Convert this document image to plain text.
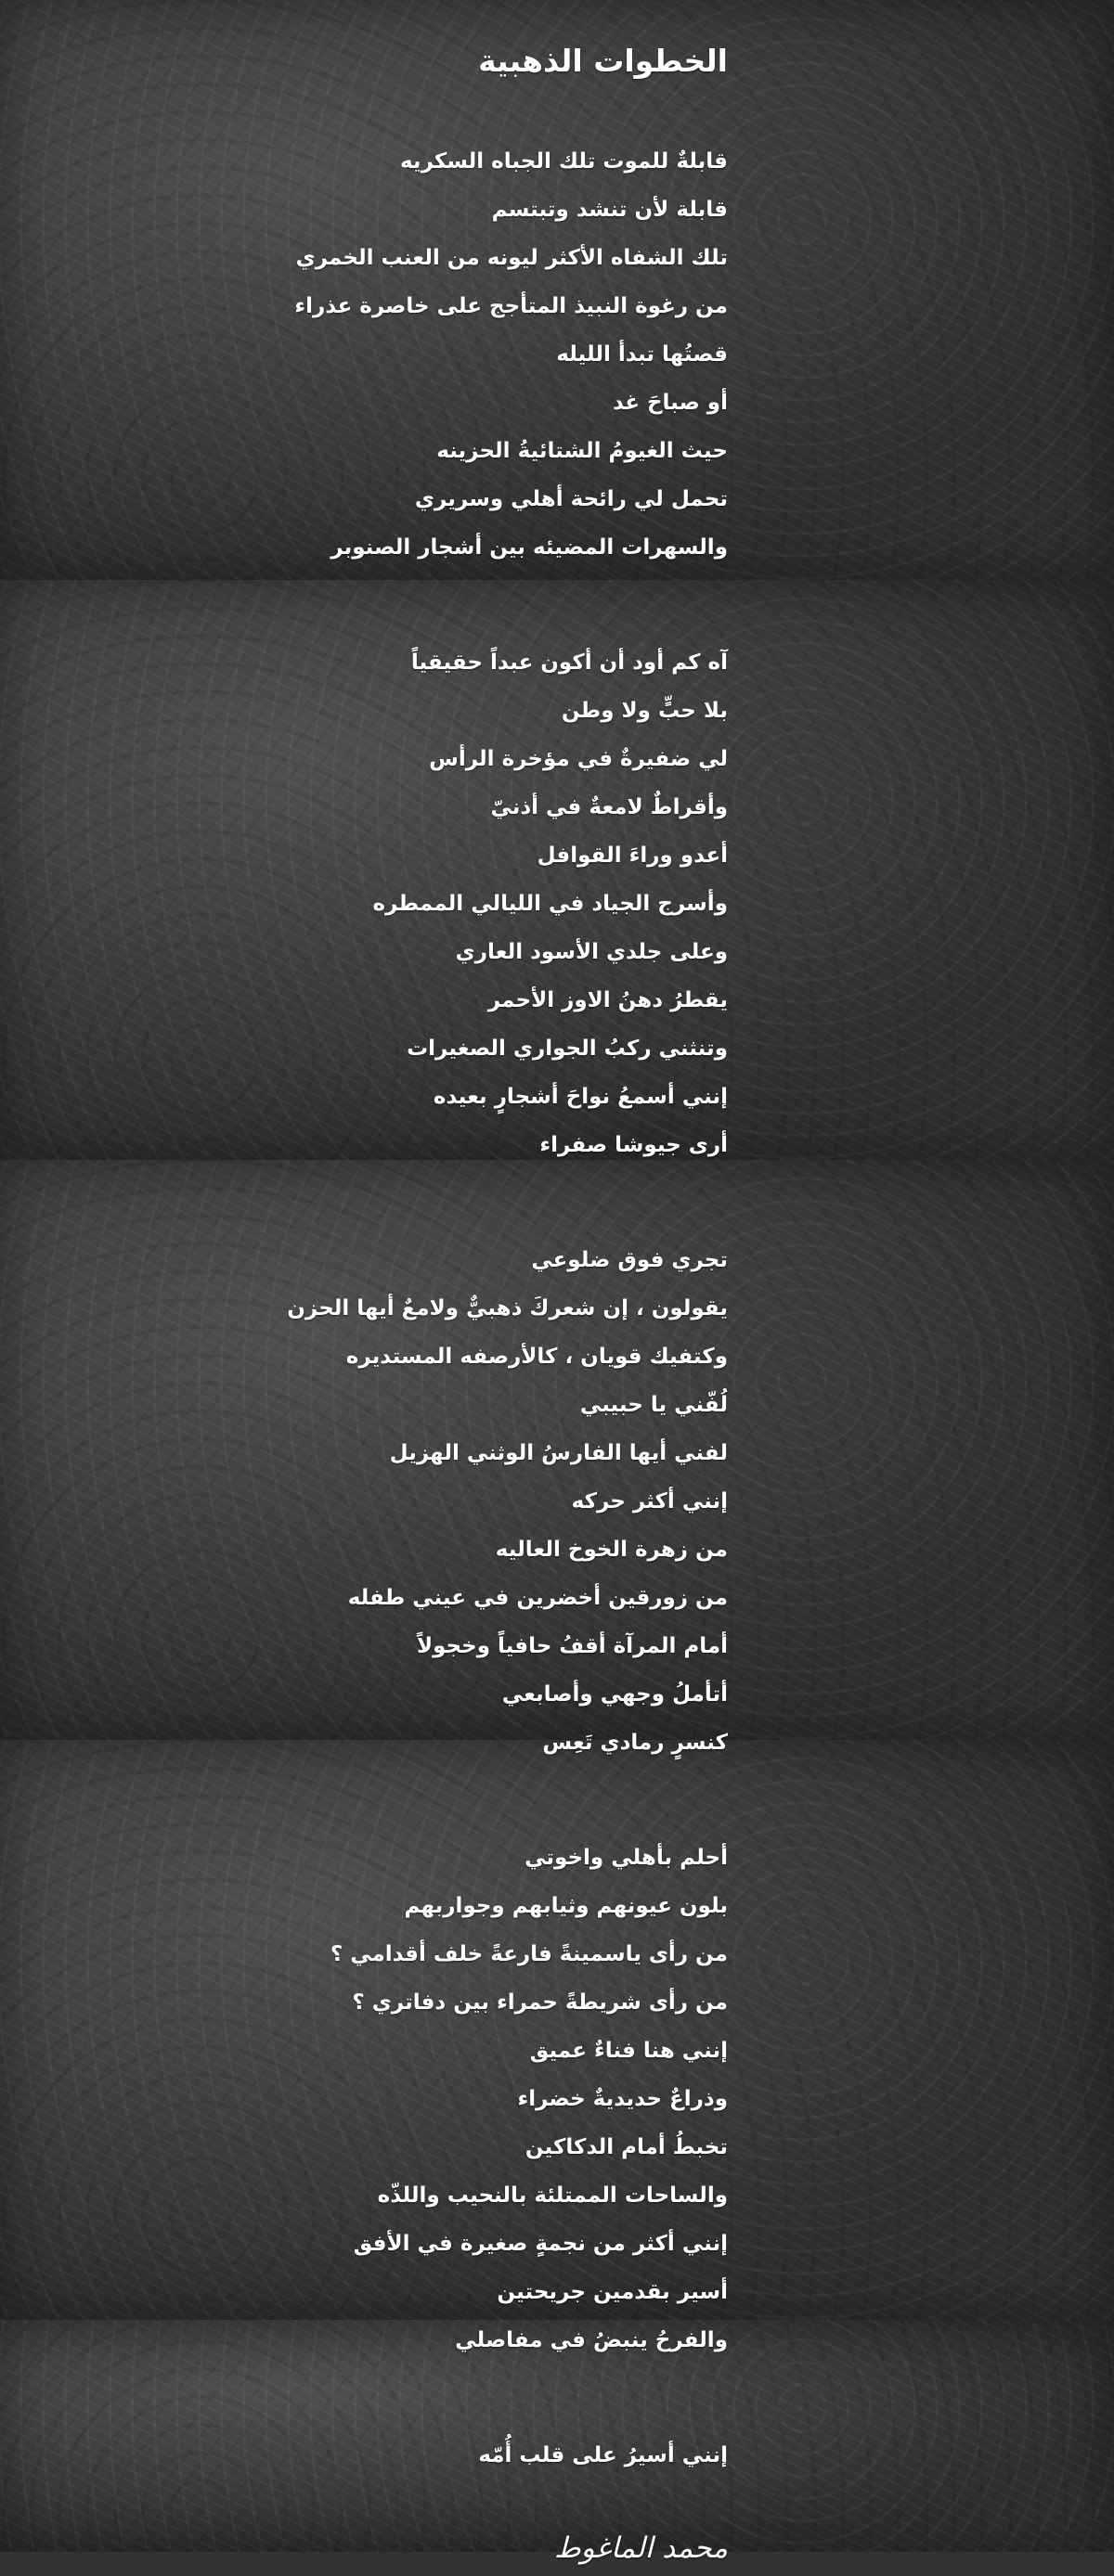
الخطوات الذهبية
قابلةٌ للموت تلك الجباه السكريه
قابلة لأن تنشد وتبتسم
تلك الشفاه الأكثر ليونه من العنب الخمري
من رغوة النبيذ المتأجج على خاصرة عذراء
قصتُها تبدأ الليله
أو صباحَ غد
حيث الغيومُ الشتائيةُ الحزينه
تحمل لي رائحة أهلي وسريري
والسهرات المضيئه بين أشجار الصنوبر
آه كم أود أن أكون عبداً حقيقياً
بلا حبٍّ ولا وطن
لي ضفيرةٌ في مؤخرة الرأس
وأقراطٌ لامعةٌ في أذنيّ
أعدو وراءَ القوافل
وأسرج الجياد في الليالي الممطره
وعلى جلدي الأسود العاري
يقطرُ دهنُ الاوز الأحمر
وتنثني ركبُ الجواري الصغيرات
إنني أسمعُ نواحَ أشجارٍ بعيده
أرى جيوشا صفراء
تجري فوق ضلوعي
يقولون ، إن شعركَ ذهبيٌّ ولامعٌ أيها الحزن
وكتفيك قويان ، كالأرصفه المستديره
لُفّني يا حبيبي
لفني أيها الفارسُ الوثني الهزيل
إنني أكثر حركه
من زهرة الخوخ العاليه
من زورقين أخضرين في عيني طفله
أمام المرآة أقفُ حافياً وخجولاً
أتأملُ وجهي وأصابعي
كنسرٍ رمادي تَعِس
أحلم بأهلي واخوتي
بلون عيونهم وثيابهم وجواربهم
من رأى ياسمينةً فارعةً خلف أقدامي ؟
من رأى شريطةً حمراء بين دفاتري ؟
إنني هنا فناءٌ عميق
وذراعٌ حديديةٌ خضراء
تخبطُ أمام الدكاكين
والساحات الممتلئة بالنحيب واللذّه
إنني أكثر من نجمةٍ صغيرة في الأفق
أسير بقدمين جريحتين
والفرحُ ينبضُ في مفاصلي
إنني أسيرُ على قلب أُمّه
محمد الماغوط
